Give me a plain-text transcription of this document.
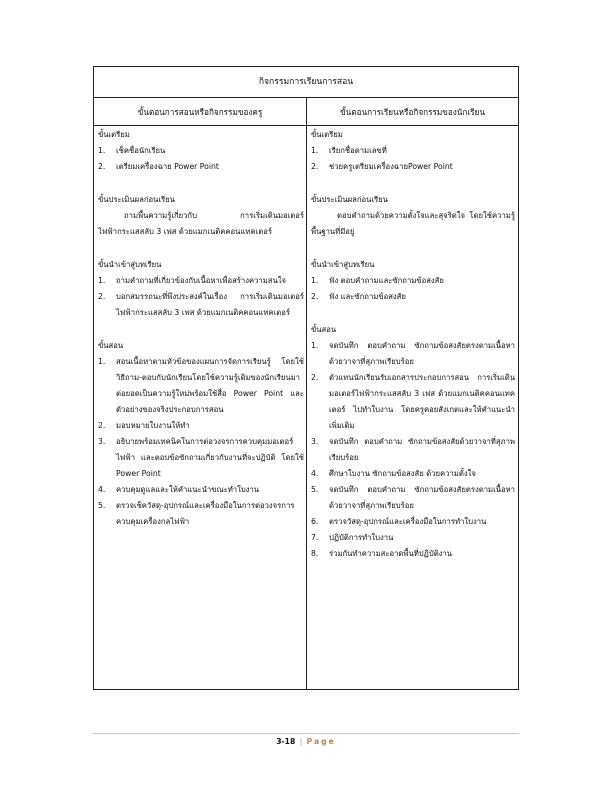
กิจกรรมการเรียนการสอน
ขั้นตอนการสอนหรือกิจกรรมของครู	ขั้นตอนการเรียนหรือกิจกรรมของนักเรียน
ขั้นเตรียม
1. เช็คชื่อนักเรียน
2. เตรียมเครื่องฉาย Power Point
ขั้นประเมินผลก่อนเรียน
ถามพื้นความรู้เกี่ยวกับ การเริ่มเดินมอเตอร์ไฟฟ้ากระแสสลับ 3 เฟส ด้วยแมกเนติคคอนแทคเตอร์
ขั้นนำเข้าสู่บทเรียน
1. ถามคำถามที่เกี่ยวข้องกับเนื้อหาเพื่อสร้างความสนใจ
2. บอกสมรรถนะที่พึงประสงค์ในเรื่อง การเริ่มเดินมอเตอร์ไฟฟ้ากระแสสลับ 3 เฟส ด้วยแมกเนติคคอนแทคเตอร์
ขั้นสอน
1. สอนเนื้อหาตามหัวข้อของแผนการจัดการเรียนรู้ โดยใช้วิธีถาม-ตอบกับนักเรียนโดยใช้ความรู้เดิมของนักเรียนมาต่อยอดเป็นความรู้ใหม่พร้อมใช้สื่อ Power Point และตัวอย่างของจริงประกอบการสอน
2. มอบหมายใบงานให้ทำ
3. อธิบายพร้อมเทคนิคในการต่อวงจรการควบคุมมอเตอร์ไฟฟ้า และตอบข้อซักถามเกี่ยวกับงานที่จะปฏิบัติ โดยใช้ Power Point
4. ควบคุมดูแลและให้คำแนะนำขณะทำใบงาน
5. ตรวจเช็ควัสดุ-อุปกรณ์และเครื่องมือในการต่อวงจรการควบคุมเครื่องกลไฟฟ้า
ขั้นเตรียม
1. เรียกชื่อตามเลขที่
2. ช่วยครูเตรียมเครื่องฉายPower Point
ขั้นประเมินผลก่อนเรียน
ตอบคำถามด้วยความตั้งใจและสุจริตใจ โดยใช้ความรู้พื้นฐานที่มีอยู่
ขั้นนำเข้าสู่บทเรียน
1. ฟัง ตอบคำถามและซักถามข้อสงสัย
2. ฟัง และซักถามข้อสงสัย
ขั้นสอน
1. จดบันทึก ตอบคำถาม ซักถามข้อสงสัยตรงตามเนื้อหาด้วยวาจาที่สุภาพเรียบร้อย
2. ตัวแทนนักเรียนรับเอกสารประกอบการสอน การเริ่มเดินมอเตอร์ไฟฟ้ากระแสสลับ 3 เฟส ด้วยแมกเนติคคอนแทคเตอร์ ไปทำใบงาน โดยครูคอยสังเกตและให้คำแนะนำเพิ่มเติม
3. จดบันทึก ตอบคำถาม ซักถามข้อสงสัยด้วยวาจาที่สุภาพเรียบร้อย
4. ศึกษาใบงาน ซักถามข้อสงสัย ด้วยความตั้งใจ
5. จดบันทึก ตอบคำถาม ซักถามข้อสงสัยตรงตามเนื้อหาด้วยวาจาที่สุภาพเรียบร้อย
6. ตรวจวัสดุ-อุปกรณ์และเครื่องมือในการทำใบงาน
7. ปฏิบัติการทำใบงาน
8. ร่วมกันทำความสะอาดพื้นที่ปฏิบัติงาน
3-18 | Page
